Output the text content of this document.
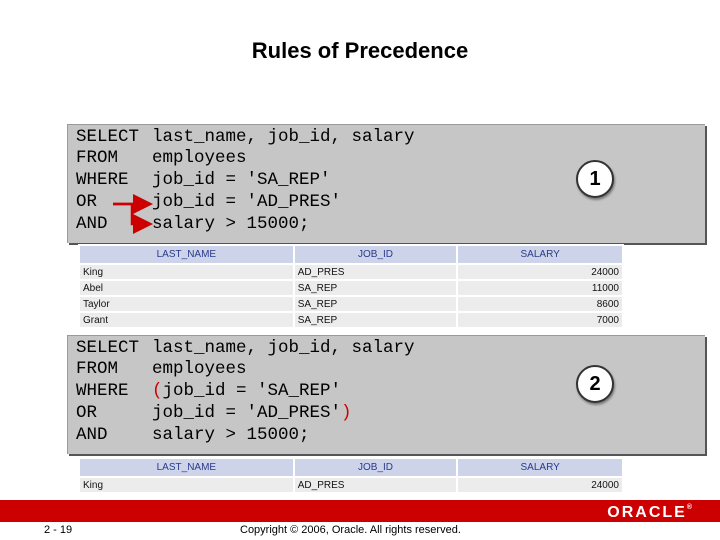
Rules of Precedence
SELECT last_name, job_id, salary
FROM employees
WHERE job_id = 'SA_REP'
OR	job_id = 'AD_PRES'
AND	salary > 15000;
1
LAST_NAME	JOB_ID	SALARY
King	AD_PRES	24000
Abel	SA_REP	11000
Taylor	SA_REP	8600
Grant	SA_REP	7000
SELECT last_name, job_id, salary
FROM employees
WHERE (job_id = 'SA_REP'
OR	job_id = 'AD_PRES')
AND	salary > 15000;
2
LAST_NAME	JOB_ID	SALARY
King	AD_PRES	24000
ORACLE®
2 - 19	Copyright © 2006, Oracle. All rights reserved.
